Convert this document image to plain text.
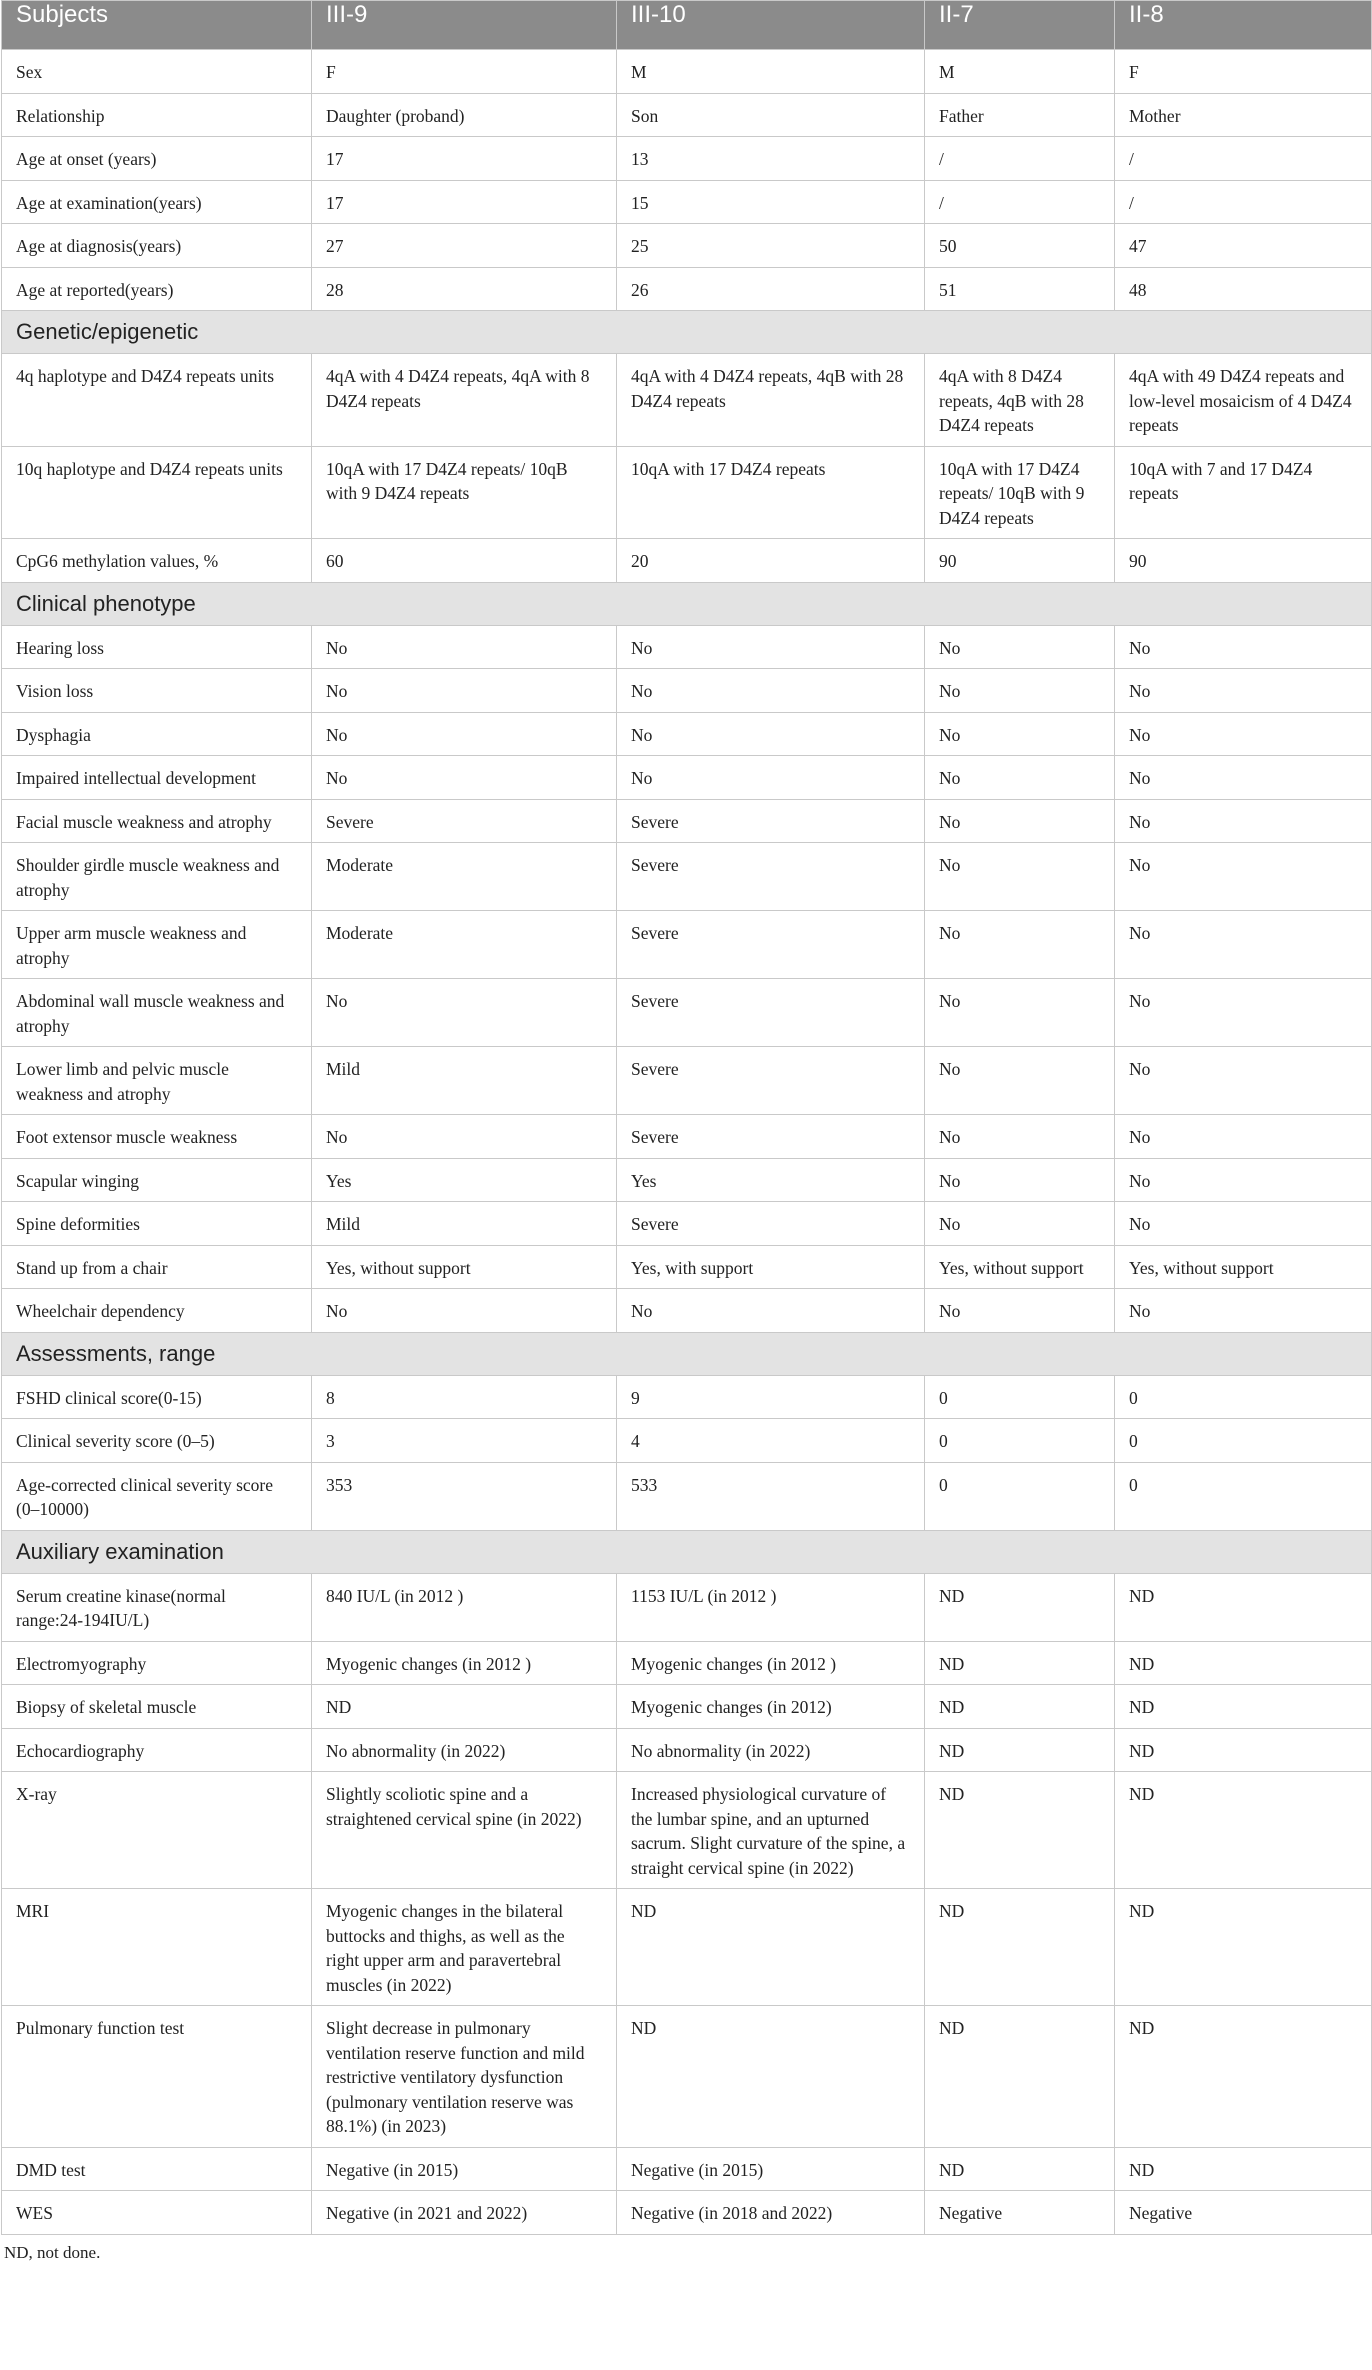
Subjects	III-9	III-10	II-7	II-8
Sex	F	M	M	F
Relationship	Daughter (proband)	Son	Father	Mother
Age at onset (years)	17	13	/	/
Age at examination(years)	17	15	/	/
Age at diagnosis(years)	27	25	50	47
Age at reported(years)	28	26	51	48
Genetic/epigenetic				
4q haplotype and D4Z4 repeats units	4qA with 4 D4Z4 repeats, 4qA with 8 D4Z4 repeats	4qA with 4 D4Z4 repeats, 4qB with 28 D4Z4 repeats	4qA with 8 D4Z4 repeats, 4qB with 28 D4Z4 repeats	4qA with 49 D4Z4 repeats and low-level mosaicism of 4 D4Z4 repeats
10q haplotype and D4Z4 repeats units	10qA with 17 D4Z4 repeats/ 10qB with 9 D4Z4 repeats	10qA with 17 D4Z4 repeats	10qA with 17 D4Z4 repeats/ 10qB with 9 D4Z4 repeats	10qA with 7 and 17 D4Z4 repeats
CpG6 methylation values, %	60	20	90	90
Clinical phenotype				
Hearing loss	No	No	No	No
Vision loss	No	No	No	No
Dysphagia	No	No	No	No
Impaired intellectual development	No	No	No	No
Facial muscle weakness and atrophy	Severe	Severe	No	No
Shoulder girdle muscle weakness and atrophy	Moderate	Severe	No	No
Upper arm muscle weakness and atrophy	Moderate	Severe	No	No
Abdominal wall muscle weakness and atrophy	No	Severe	No	No
Lower limb and pelvic muscle weakness and atrophy	Mild	Severe	No	No
Foot extensor muscle weakness	No	Severe	No	No
Scapular winging	Yes	Yes	No	No
Spine deformities	Mild	Severe	No	No
Stand up from a chair	Yes, without support	Yes, with support	Yes, without support	Yes, without support
Wheelchair dependency	No	No	No	No
Assessments, range				
FSHD clinical score(0-15)	8	9	0	0
Clinical severity score (0–5)	3	4	0	0
Age-corrected clinical severity score (0–10000)	353	533	0	0
Auxiliary examination				
Serum creatine kinase(normal range:24-194IU/L)	840 IU/L (in 2012 )	1153 IU/L (in 2012 )	ND	ND
Electromyography	Myogenic changes (in 2012 )	Myogenic changes (in 2012 )	ND	ND
Biopsy of skeletal muscle	ND	Myogenic changes (in 2012)	ND	ND
Echocardiography	No abnormality (in 2022)	No abnormality (in 2022)	ND	ND
X-ray	Slightly scoliotic spine and a straightened cervical spine (in 2022)	Increased physiological curvature of the lumbar spine, and an upturned sacrum. Slight curvature of the spine, a straight cervical spine (in 2022)	ND	ND
MRI	Myogenic changes in the bilateral buttocks and thighs, as well as the right upper arm and paravertebral muscles (in 2022)	ND	ND	ND
Pulmonary function test	Slight decrease in pulmonary ventilation reserve function and mild restrictive ventilatory dysfunction (pulmonary ventilation reserve was 88.1%) (in 2023)	ND	ND	ND
DMD test	Negative (in 2015)	Negative (in 2015)	ND	ND
WES	Negative (in 2021 and 2022)	Negative (in 2018 and 2022)	Negative	Negative
ND, not done.
